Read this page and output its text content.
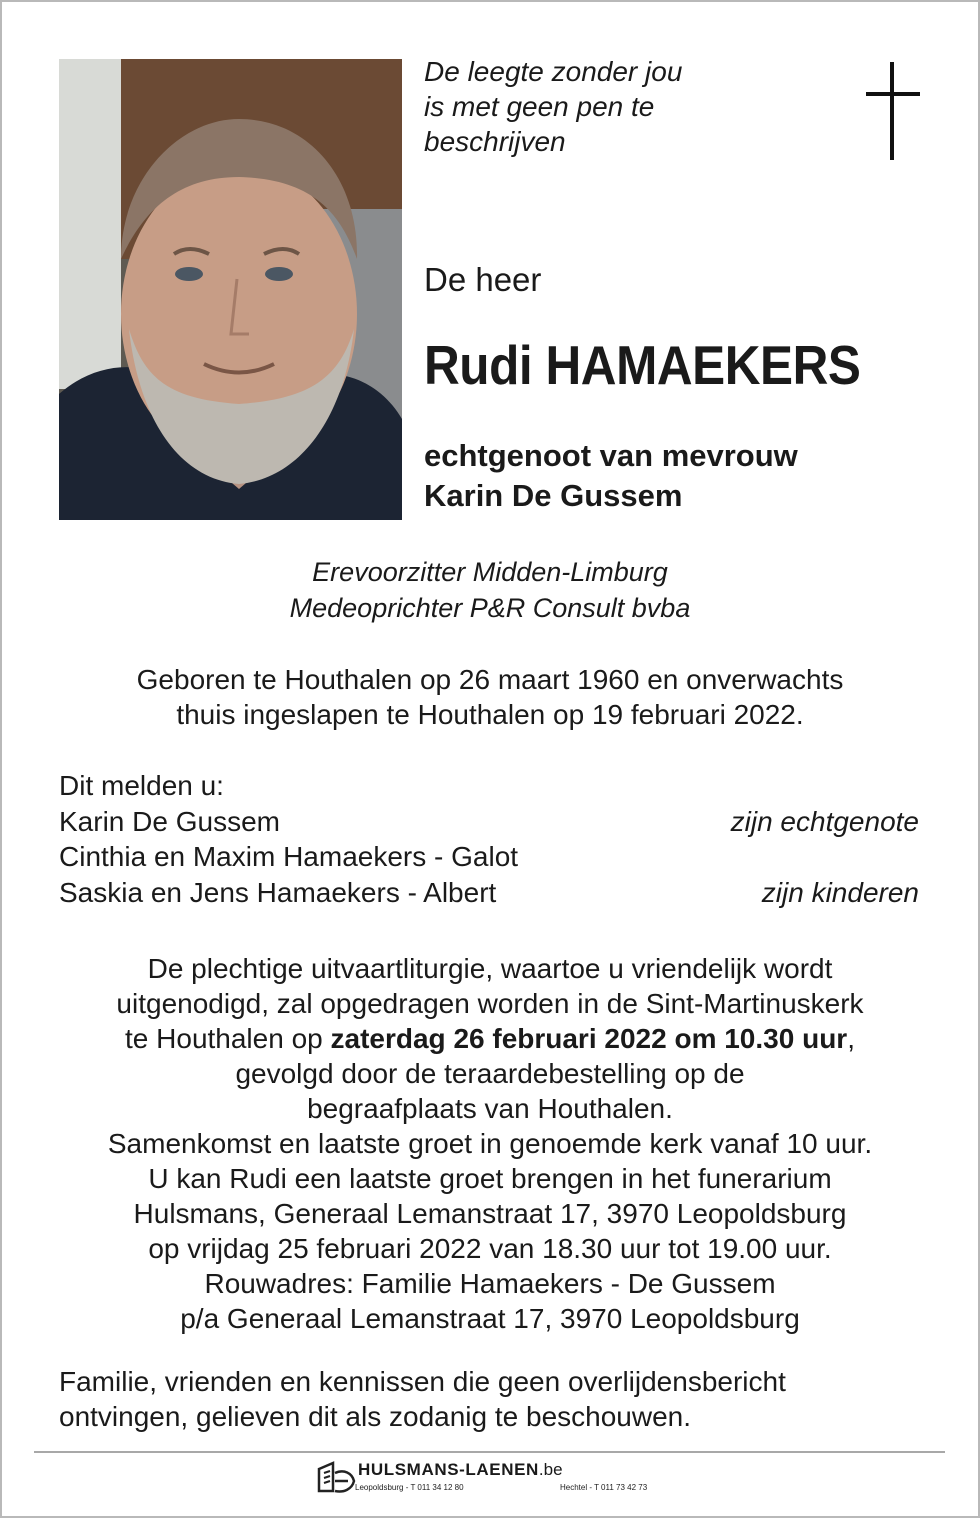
De leegte zonder jou
is met geen pen te
beschrijven
De heer
Rudi HAMAEKERS
echtgenoot van mevrouw
Karin De Gussem
Erevoorzitter Midden-Limburg
Medeoprichter P&R Consult bvba
Geboren te Houthalen op 26 maart 1960 en onverwachts
thuis ingeslapen te Houthalen op 19 februari 2022.
Dit melden u:
Karin De Gussem	zijn echtgenote
Cinthia en Maxim Hamaekers - Galot
Saskia en Jens Hamaekers - Albert	zijn kinderen
De plechtige uitvaartliturgie, waartoe u vriendelijk wordt
uitgenodigd, zal opgedragen worden in de Sint-Martinuskerk
te Houthalen op zaterdag 26 februari 2022 om 10.30 uur,
gevolgd door de teraardebestelling op de
begraafplaats van Houthalen.
Samenkomst en laatste groet in genoemde kerk vanaf 10 uur.
U kan Rudi een laatste groet brengen in het funerarium
Hulsmans, Generaal Lemanstraat 17, 3970 Leopoldsburg
op vrijdag 25 februari 2022 van 18.30 uur tot 19.00 uur.
Rouwadres: Familie Hamaekers - De Gussem
p/a Generaal Lemanstraat 17, 3970 Leopoldsburg
Familie, vrienden en kennissen die geen overlijdensbericht
ontvingen, gelieven dit als zodanig te beschouwen.
HULSMANS-LAENEN.be
Leopoldsburg - T 011 34 12 80	Hechtel - T 011 73 42 73
